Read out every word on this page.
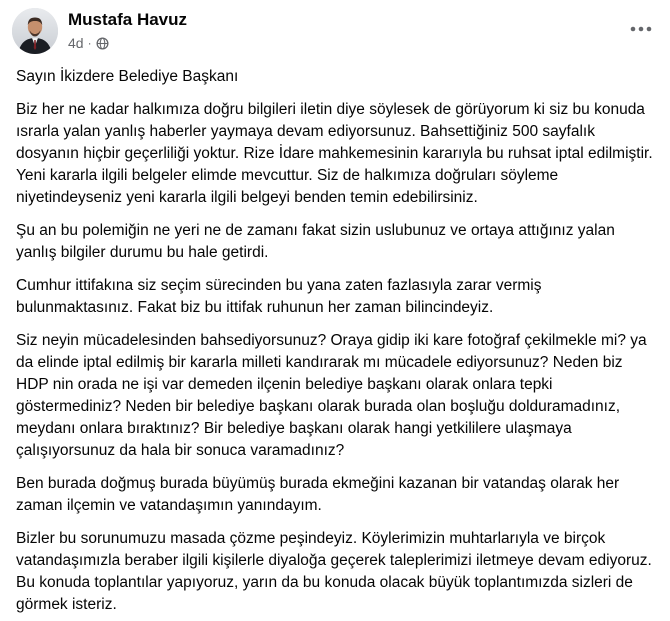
Mustafa Havuz
4d ·

Sayın İkizdere Belediye Başkanı

Biz her ne kadar halkımıza doğru bilgileri iletin diye söylesek de görüyorum ki siz bu konuda ısrarla yalan yanlış haberler yaymaya devam ediyorsunuz. Bahsettiğiniz 500 sayfalık dosyanın hiçbir geçerliliği yoktur. Rize İdare mahkemesinin kararıyla bu ruhsat iptal edilmiştir. Yeni kararla ilgili belgeler elimde mevcuttur. Siz de halkımıza doğruları söyleme niyetindeyseniz yeni kararla ilgili belgeyi benden temin edebilirsiniz.

Şu an bu polemiğin ne yeri ne de zamanı fakat sizin uslubunuz ve ortaya attığınız yalan yanlış bilgiler durumu bu hale getirdi.

Cumhur ittifakına siz seçim sürecinden bu yana zaten fazlasıyla zarar vermiş bulunmaktasınız. Fakat biz bu ittifak ruhunun her zaman bilincindeyiz.

Siz neyin mücadelesinden bahsediyorsunuz? Oraya gidip iki kare fotoğraf çekilmekle mi? ya da elinde iptal edilmiş bir kararla milleti kandırarak mı mücadele ediyorsunuz? Neden biz HDP nin orada ne işi var demeden ilçenin belediye başkanı olarak onlara tepki göstermediniz? Neden bir belediye başkanı olarak burada olan boşluğu dolduramadınız, meydanı onlara bıraktınız? Bir belediye başkanı olarak hangi yetkililere ulaşmaya çalışıyorsunuz da hala bir sonuca varamadınız?

Ben burada doğmuş burada büyümüş burada ekmeğini kazanan bir vatandaş olarak her zaman ilçemin ve vatandaşımın yanındayım.

Bizler bu sorunumuzu masada çözme peşindeyiz. Köylerimizin muhtarlarıyla ve birçok vatandaşımızla beraber ilgili kişilerle diyaloğa geçerek taleplerimizi iletmeye devam ediyoruz. Bu konuda toplantılar yapıyoruz, yarın da bu konuda olacak büyük toplantımızda sizleri de görmek isteriz.
